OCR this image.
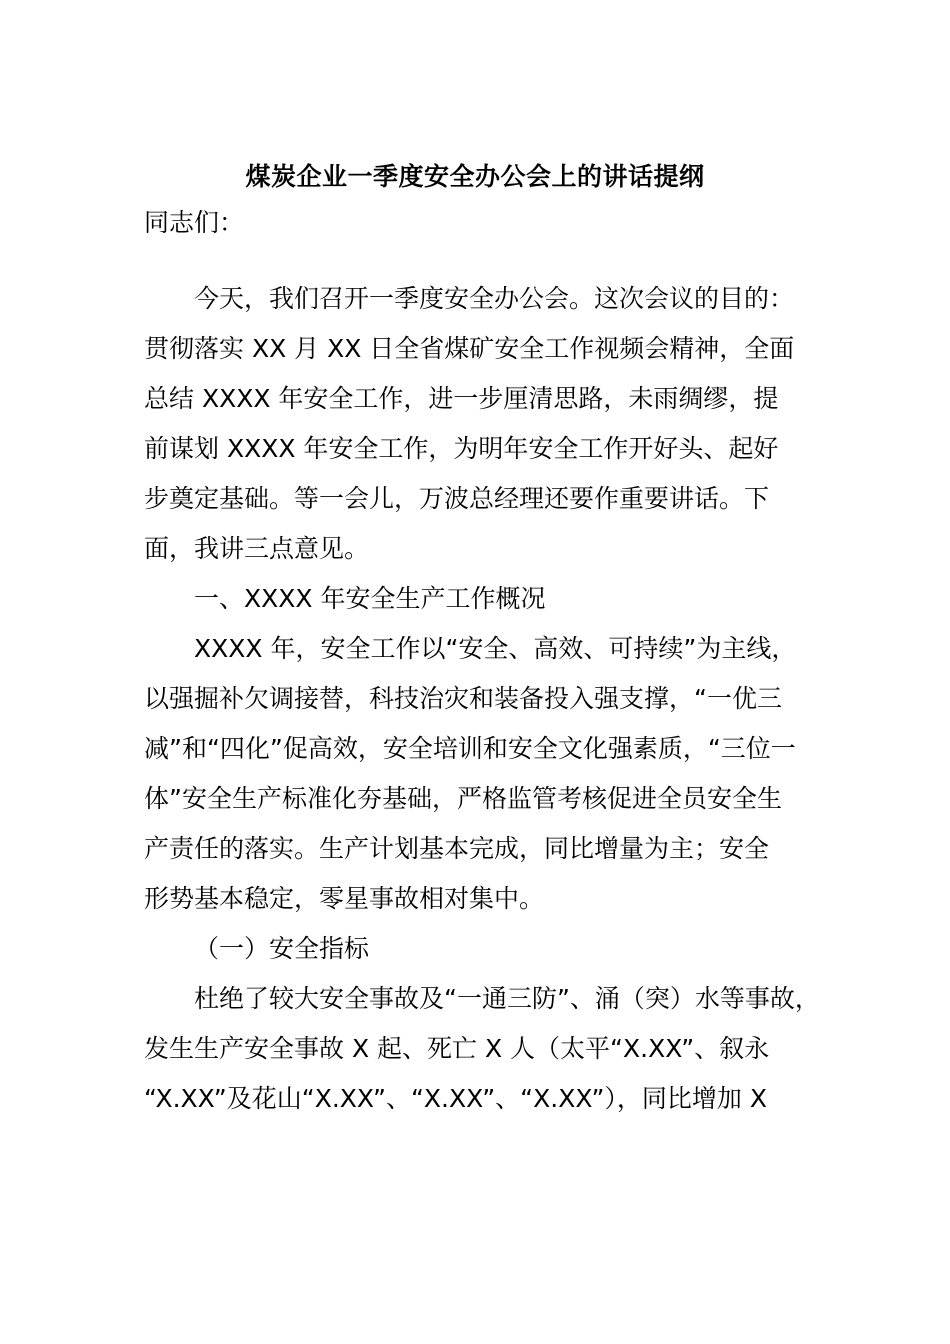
煤炭企业一季度安全办公会上的讲话提纲
同志们：
今天，我们召开一季度安全办公会。这次会议的目的：
贯彻落实 XX 月 XX 日全省煤矿安全工作视频会精神，全面
总结 XXXX 年安全工作，进一步厘清思路，未雨绸缪，提
前谋划 XXXX 年安全工作，为明年安全工作开好头、起好
步奠定基础。等一会儿，万波总经理还要作重要讲话。下
面，我讲三点意见。
一、XXXX 年安全生产工作概况
XXXX 年，安全工作以“安全、高效、可持续”为主线，
以强掘补欠调接替，科技治灾和装备投入强支撑，“一优三
减”和“四化”促高效，安全培训和安全文化强素质，“三位一
体”安全生产标准化夯基础，严格监管考核促进全员安全生
产责任的落实。生产计划基本完成，同比增量为主；安全
形势基本稳定，零星事故相对集中。
（一）安全指标
杜绝了较大安全事故及“一通三防”、涌（突）水等事故，
发生生产安全事故 X 起、死亡 X 人（太平“X.XX”、叙永
“X.XX”及花山“X.XX”、“X.XX”、“X.XX”），同比增加 X
